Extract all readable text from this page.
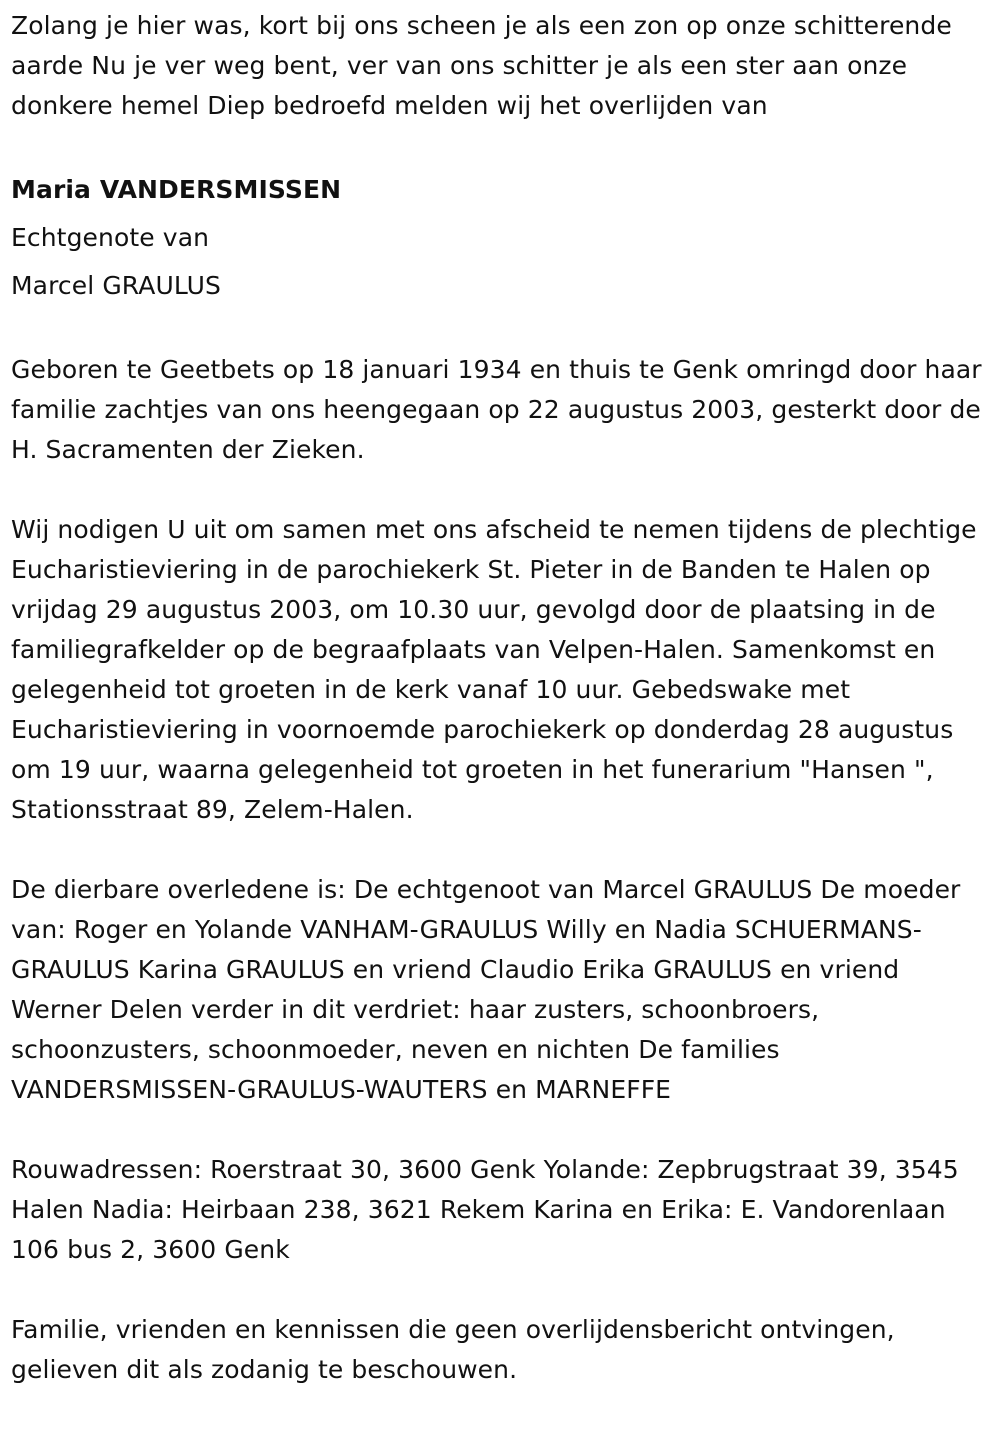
Zolang je hier was, kort bij ons scheen je als een zon op onze schitterende aarde Nu je ver weg bent, ver van ons schitter je als een ster aan onze donkere hemel Diep bedroefd melden wij het overlijden van

Maria VANDERSMISSEN

Echtgenote van

Marcel GRAULUS

Geboren te Geetbets op 18 januari 1934 en thuis te Genk omringd door haar familie zachtjes van ons heengegaan op 22 augustus 2003, gesterkt door de H. Sacramenten der Zieken.

Wij nodigen U uit om samen met ons afscheid te nemen tijdens de plechtige Eucharistieviering in de parochiekerk St. Pieter in de Banden te Halen op vrijdag 29 augustus 2003, om 10.30 uur, gevolgd door de plaatsing in de familiegrafkelder op de begraafplaats van Velpen-Halen. Samenkomst en gelegenheid tot groeten in de kerk vanaf 10 uur. Gebedswake met Eucharistieviering in voornoemde parochiekerk op donderdag 28 augustus om 19 uur, waarna gelegenheid tot groeten in het funerarium "Hansen ", Stationsstraat 89, Zelem-Halen.

De dierbare overledene is: De echtgenoot van Marcel GRAULUS De moeder van: Roger en Yolande VANHAM-GRAULUS Willy en Nadia SCHUERMANS-GRAULUS Karina GRAULUS en vriend Claudio Erika GRAULUS en vriend Werner Delen verder in dit verdriet: haar zusters, schoonbroers, schoonzusters, schoonmoeder, neven en nichten De families VANDERSMISSEN-GRAULUS-WAUTERS en MARNEFFE

Rouwadressen: Roerstraat 30, 3600 Genk Yolande: Zepbrugstraat 39, 3545 Halen Nadia: Heirbaan 238, 3621 Rekem Karina en Erika: E. Vandorenlaan 106 bus 2, 3600 Genk

Familie, vrienden en kennissen die geen overlijdensbericht ontvingen, gelieven dit als zodanig te beschouwen.
